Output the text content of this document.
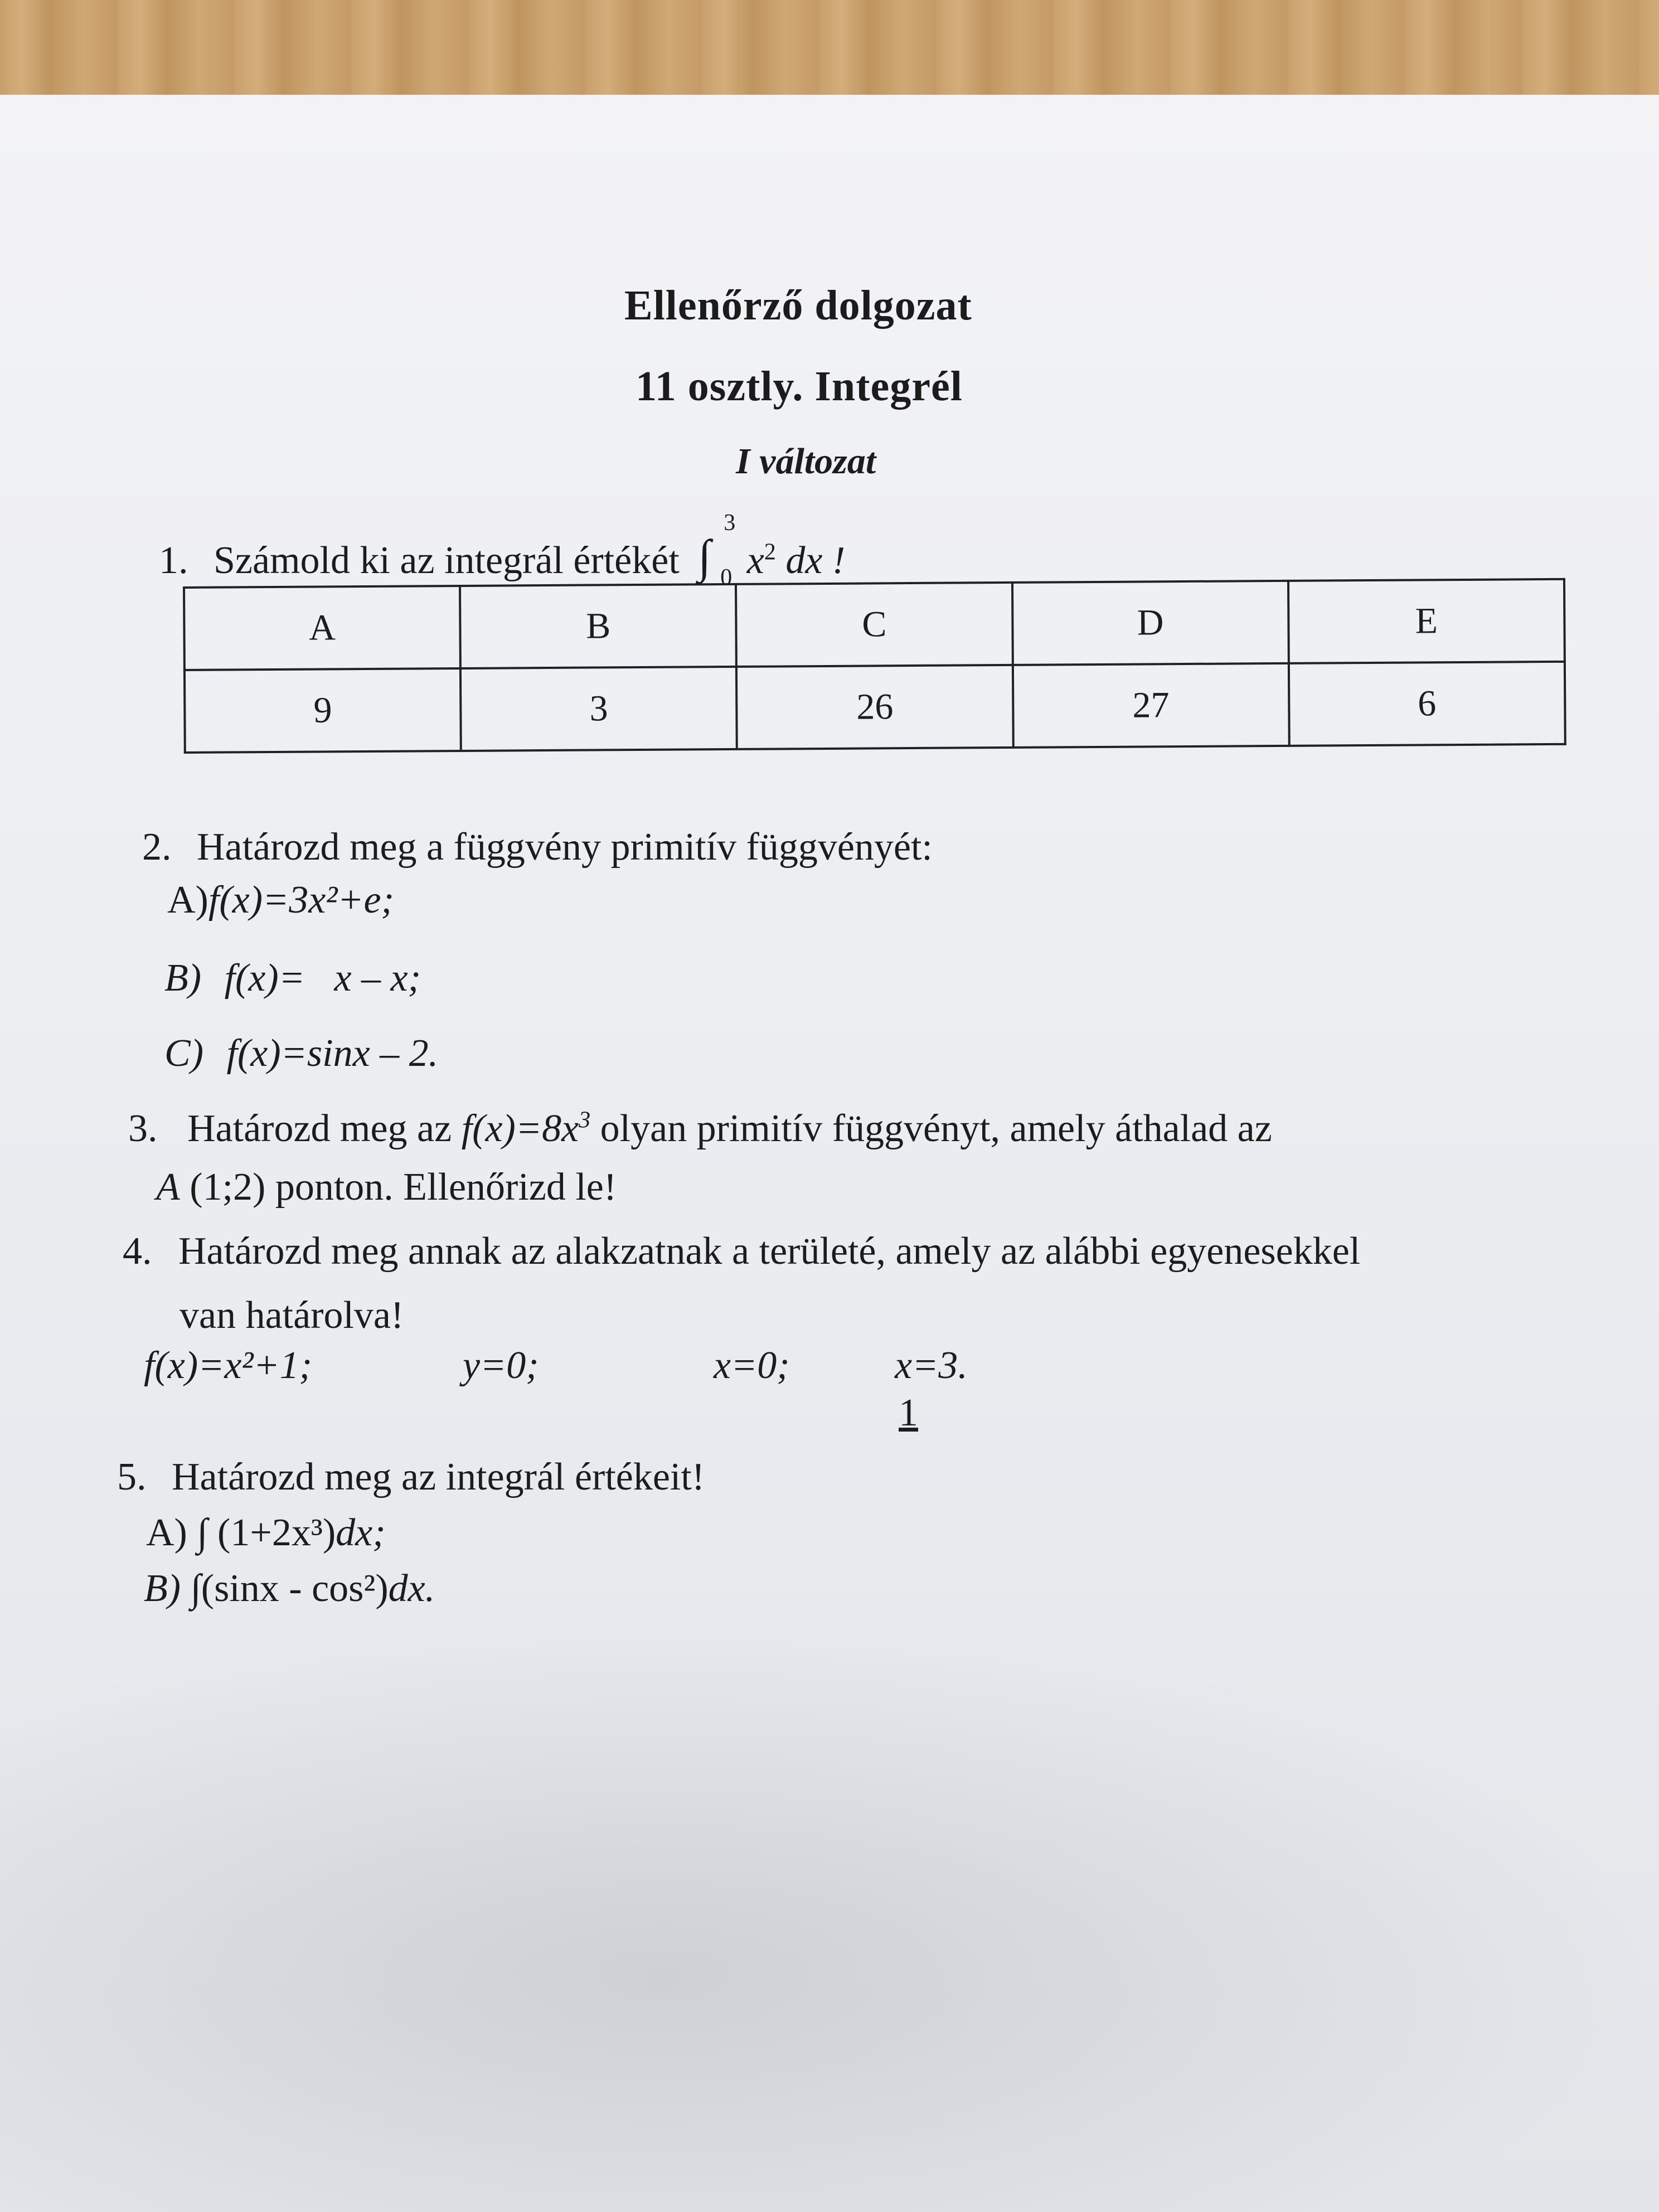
Ellenőrző dolgozat
11 osztly. Integrél
I változat
1. Számold ki az integrál értékét ∫
3
0 $x^2$ dx !
A	B	C	D	E
9	3	26	27	6
2. Határozd meg a függvény primitív függvényét:
A)f(x)=3x²+e;
B) f(x)=   x – x;
C) f(x)=sinx – 2.
3. Határozd meg az $f(x)=8x^3$ olyan primitív függvényt, amely áthalad az
A (1;2) ponton. Ellenőrizd le!
4. Határozd meg annak az alakzatnak a területé, amely az alábbi egyenesekkel
van határolva!
f(x)=x²+1;	y=0;	x=0;	x=3.
1
5. Határozd meg az integrál értékeit!
A) ∫ (1+2x³)dx;
B) ∫(sinx - cos²)dx.
